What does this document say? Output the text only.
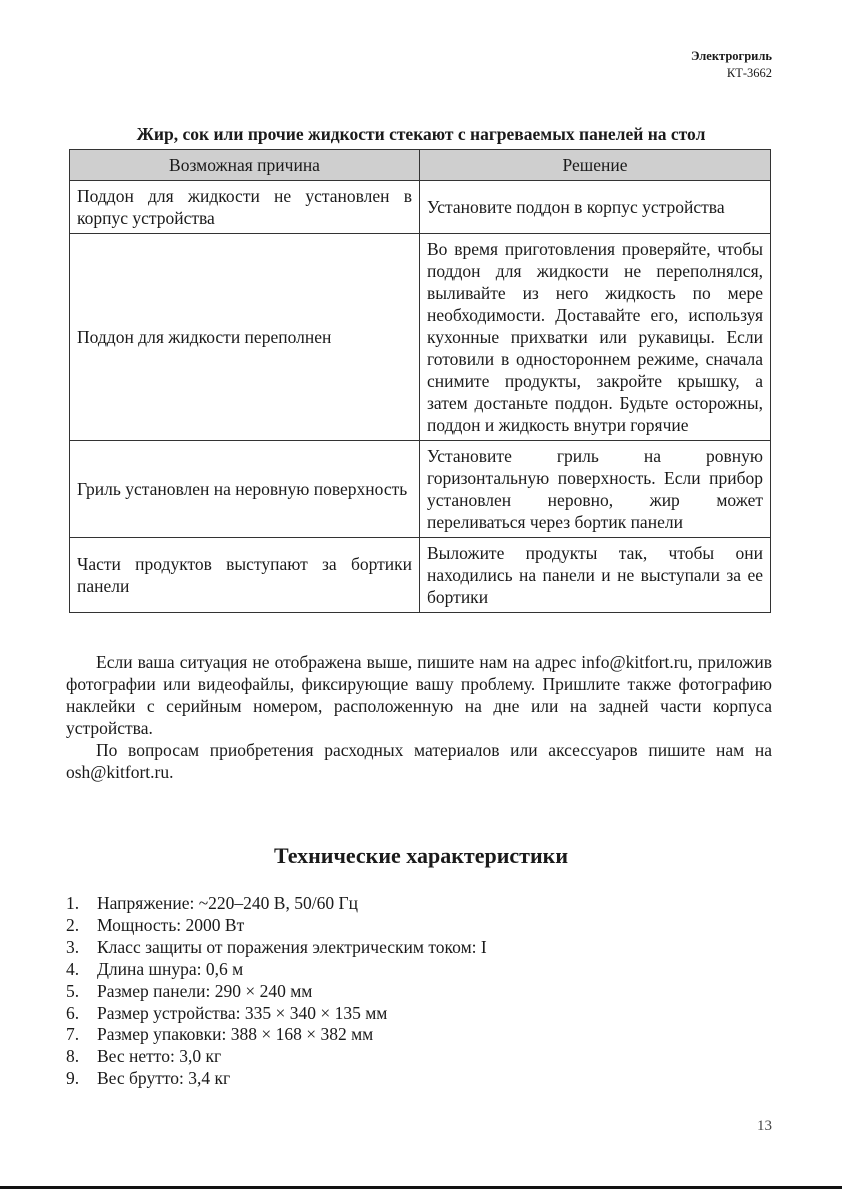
Электрогриль
КТ-3662
Жир, сок или прочие жидкости стекают с нагреваемых панелей на стол
Возможная причина	Решение
Поддон для жидкости не установлен в корпус устройства	Установите поддон в корпус устройства
Поддон для жидкости переполнен	Во время приготовления проверяйте, чтобы поддон для жидкости не переполнялся, выливайте из него жидкость по мере необходимости. Доставайте его, используя кухонные прихватки или рукавицы. Если готовили в одностороннем режиме, сначала снимите продукты, закройте крышку, а затем достаньте поддон. Будьте осторожны, поддон и жидкость внутри горячие
Гриль установлен на неровную поверхность	Установите гриль на ровную горизонтальную поверхность. Если прибор установлен неровно, жир может переливаться через бортик панели
Части продуктов выступают за бортики панели	Выложите продукты так, чтобы они находились на панели и не выступали за ее бортики

Если ваша ситуация не отображена выше, пишите нам на адрес info@kitfort.ru, приложив фотографии или видеофайлы, фиксирующие вашу проблему. Пришлите также фотографию наклейки с серийным номером, расположенную на дне или на задней части корпуса устройства.

По вопросам приобретения расходных материалов или аксессуаров пишите нам на osh@kitfort.ru.

Технические характеристики
1.	Напряжение: ~220–240 В, 50/60 Гц
2.	Мощность: 2000 Вт
3.	Класс защиты от поражения электрическим током: I
4.	Длина шнура: 0,6 м
5.	Размер панели: 290 × 240 мм
6.	Размер устройства: 335 × 340 × 135 мм
7.	Размер упаковки: 388 × 168 × 382 мм
8.	Вес нетто: 3,0 кг
9.	Вес брутто: 3,4 кг
13
